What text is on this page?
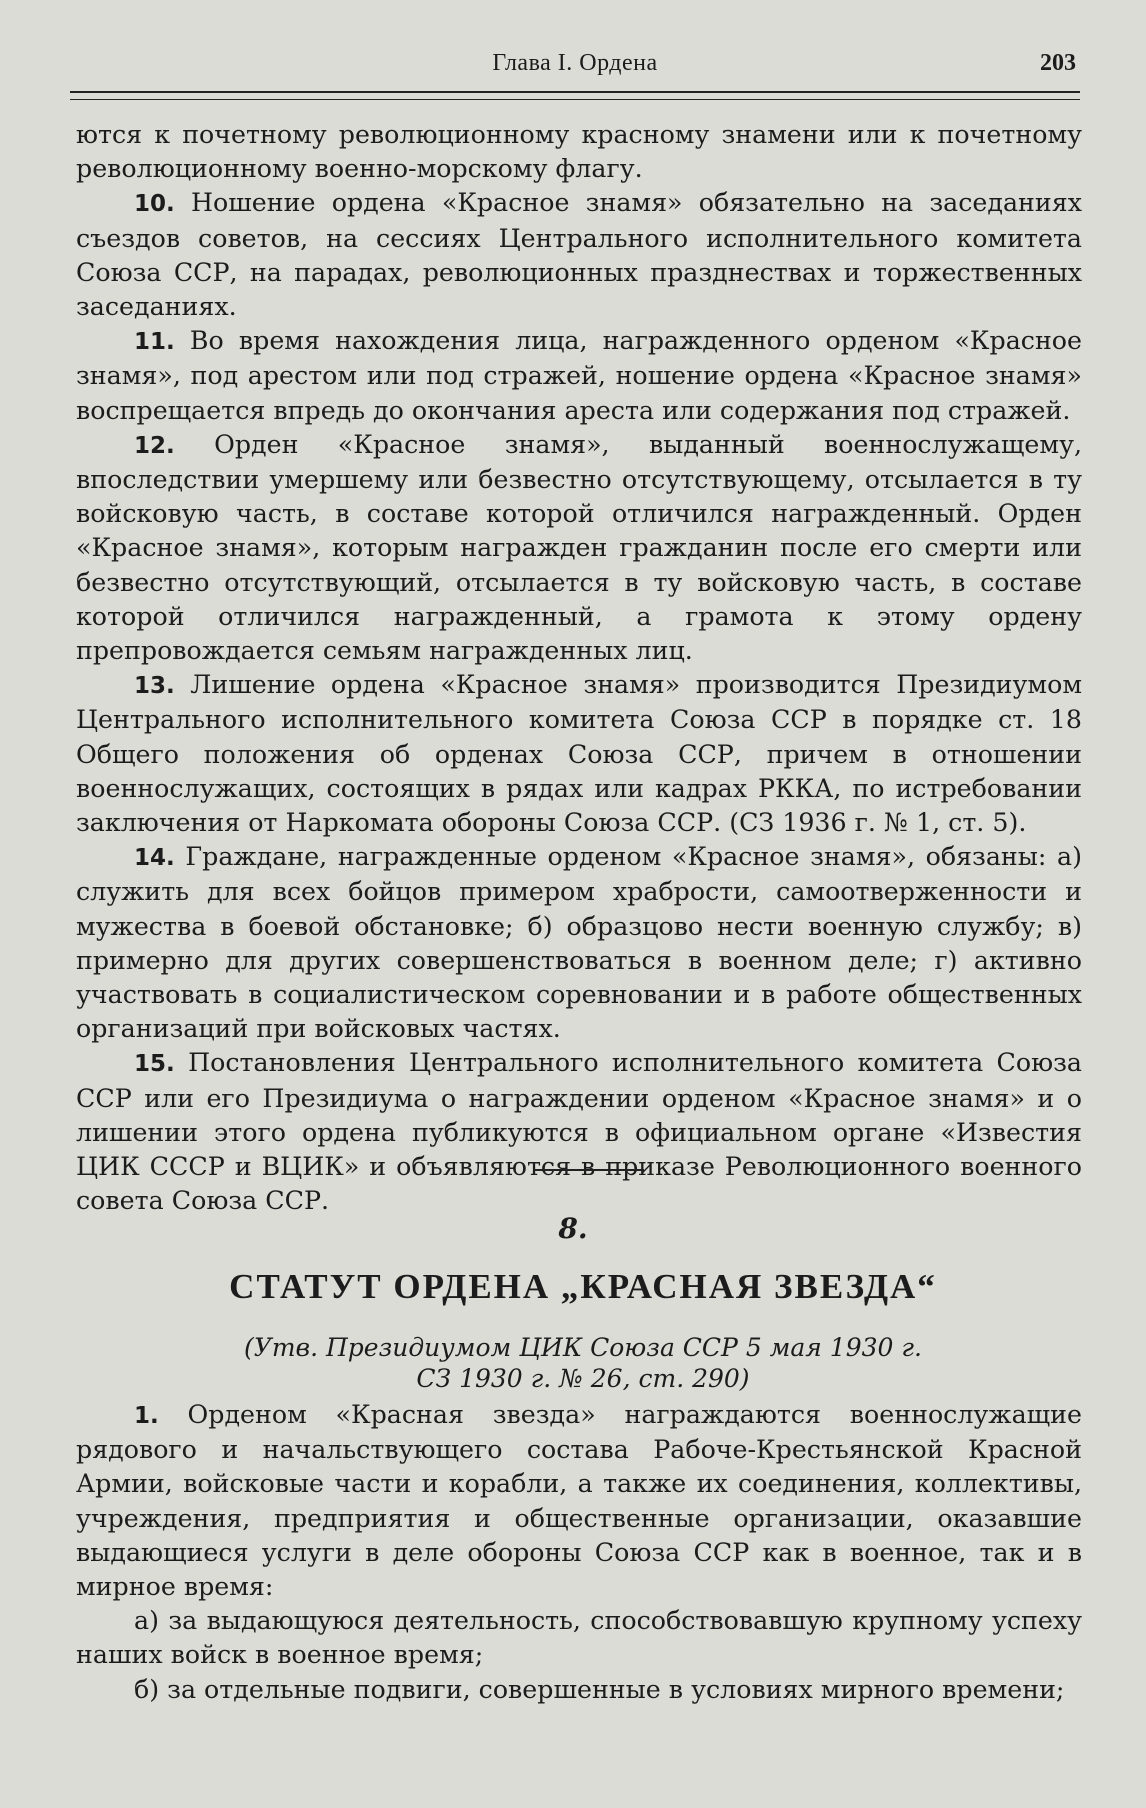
Глава I. Ордена	203

ются к почетному революционному красному знамени или к почетному революционному военно-морскому флагу.

10. Ношение ордена «Красное знамя» обязательно на заседаниях съездов советов, на сессиях Центрального исполнительного комитета Союза ССР, на парадах, революционных празднествах и торжественных заседаниях.

11. Во время нахождения лица, награжденного орденом «Красное знамя», под арестом или под стражей, ношение ордена «Красное знамя» воспрещается впредь до окончания ареста или содержания под стражей.

12. Орден «Красное знамя», выданный военнослужащему, впоследствии умершему или безвестно отсутствующему, отсылается в ту войсковую часть, в составе которой отличился награжденный. Орден «Красное знамя», которым награжден гражданин после его смерти или безвестно отсутствующий, отсылается в ту войсковую часть, в составе которой отличился награжденный, а грамота к этому ордену препровождается семьям награжденных лиц.

13. Лишение ордена «Красное знамя» производится Президиумом Центрального исполнительного комитета Союза ССР в порядке ст. 18 Общего положения об орденах Союза ССР, причем в отношении военнослужащих, состоящих в рядах или кадрах РККА, по истребовании заключения от Наркомата обороны Союза ССР. (СЗ 1936 г. № 1, ст. 5).

14. Граждане, награжденные орденом «Красное знамя», обязаны: а) служить для всех бойцов примером храбрости, самоотверженности и мужества в боевой обстановке; б) образцово нести военную службу; в) примерно для других совершенствоваться в военном деле; г) активно участвовать в социалистическом соревновании и в работе общественных организаций при войсковых частях.

15. Постановления Центрального исполнительного комитета Союза ССР или его Президиума о награждении орденом «Красное знамя» и о лишении этого ордена публикуются в официальном органе «Известия ЦИК СССР и ВЦИК» и объявляются в приказе Революционного военного совета Союза ССР.

8.
СТАТУТ ОРДЕНА „КРАСНАЯ ЗВЕЗДА“
(Утв. Президиумом ЦИК Союза ССР 5 мая 1930 г.
СЗ 1930 г. № 26, ст. 290)

1. Орденом «Красная звезда» награждаются военнослужащие рядового и начальствующего состава Рабоче-Крестьянской Красной Армии, войсковые части и корабли, а также их соединения, коллективы, учреждения, предприятия и общественные организации, оказавшие выдающиеся услуги в деле обороны Союза ССР как в военное, так и в мирное время:

а) за выдающуюся деятельность, способствовавшую крупному успеху наших войск в военное время;

б) за отдельные подвиги, совершенные в условиях мирного времени;
